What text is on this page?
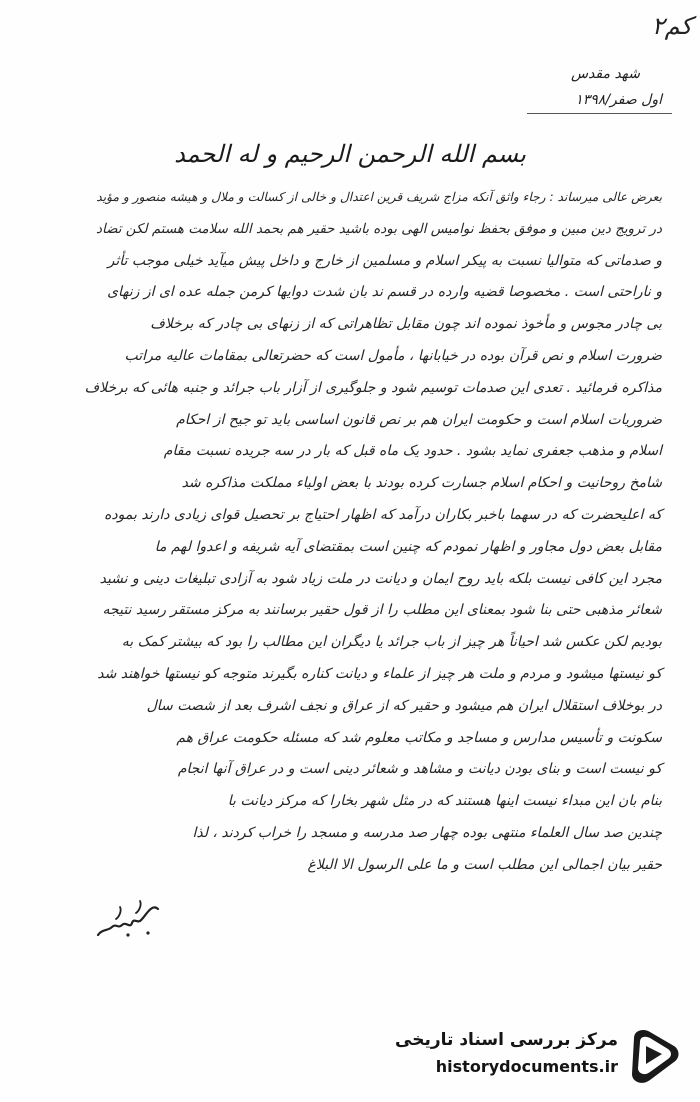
۲کم
شهد مقدس
اول صفر/۱۳۹۸
بسم الله الرحمن الرحیم و له الحمد
بعرض عالی میرساند : رجاء واثق آنکه مزاج شریف قرین اعتدال و خالی از کسالت و ملال و هیشه منصور و مؤید
در ترویج دین مبین و موفق بحفظ نوامیس الهی بوده باشید حقیر هم بحمد الله سلامت هستم لکن تضاد
و صدماتی که متوالیا نسبت به پیکر اسلام و مسلمین از خارج و داخل پیش میآید خیلی موجب تأثر
و ناراحتی است . مخصوصا قضیه وارده در قسم ند بان شدت دوایها کرمن جمله عده ای از زنهای
بی چادر مجوس و مأخوذ نموده اند چون مقابل تظاهراتی که از زنهای بی چادر که برخلاف
ضرورت اسلام و نص قرآن بوده در خیابانها ، مأمول است که حضرتعالی بمقامات عالیه مراتب
مذاکره فرمائید . تعدی این صدمات توسیم شود و جلوگیری از آزار باب جرائد و جنبه هائی که برخلاف
ضروریات اسلام است و حکومت ایران هم بر نص قانون اساسی باید تو جیح از احکام
اسلام و مذهب جعفری نماید بشود . حدود یک ماه قبل که بار در سه جریده نسبت مقام
شامخ روحانیت و احکام اسلام جسارت کرده بودند با بعض اولیاء مملکت مذاکره شد
که اعلیحضرت که در سهما باخبر بکاران درآمد که اظهار احتیاج بر تحصیل قوای زیادی دارند بموده
مقابل بعض دول مجاور و اظهار نمودم که چنین است بمقتضای آیه شریفه و اعدوا لهم ما
مجرد این کافی نیست بلکه باید روح ایمان و دیانت در ملت زیاد شود به آزادی تبلیغات دینی و نشید
شعائر مذهبی حتی بنا شود بمعنای این مطلب را از قول حقیر برسانند به مرکز مستقر رسید نتیجه
بودیم لکن عکس شد احیاناً هر چیز از باب جرائد یا دیگران این مطالب را بود که بیشتر کمک به
کو نیستها میشود و مردم و ملت هر چیز از علماء و دیانت کناره بگیرند متوجه کو نیستها خواهند شد
در بوخلاف استقلال ایران هم میشود و حقیر که از عراق و نجف اشرف بعد از شصت سال
سکونت و تأسیس مدارس و مساجد و مکاتب معلوم شد که مسئله حکومت عراق هم
کو نیست است و بنای بودن دیانت و مشاهد و شعائر دینی است و در عراق آنها انجام
بنام بان این مبداء نیست اینها هستند که در مثل شهر بخارا که مرکز دیانت با
چندین صد سال العلماء منتهی بوده چهار صد مدرسه و مسجد را خراب کردند ، لذا
حقیر بیان اجمالی این مطلب است و ما علی الرسول الا البلاغ
مرکز بررسی اسناد تاریخی
historydocuments.ir
